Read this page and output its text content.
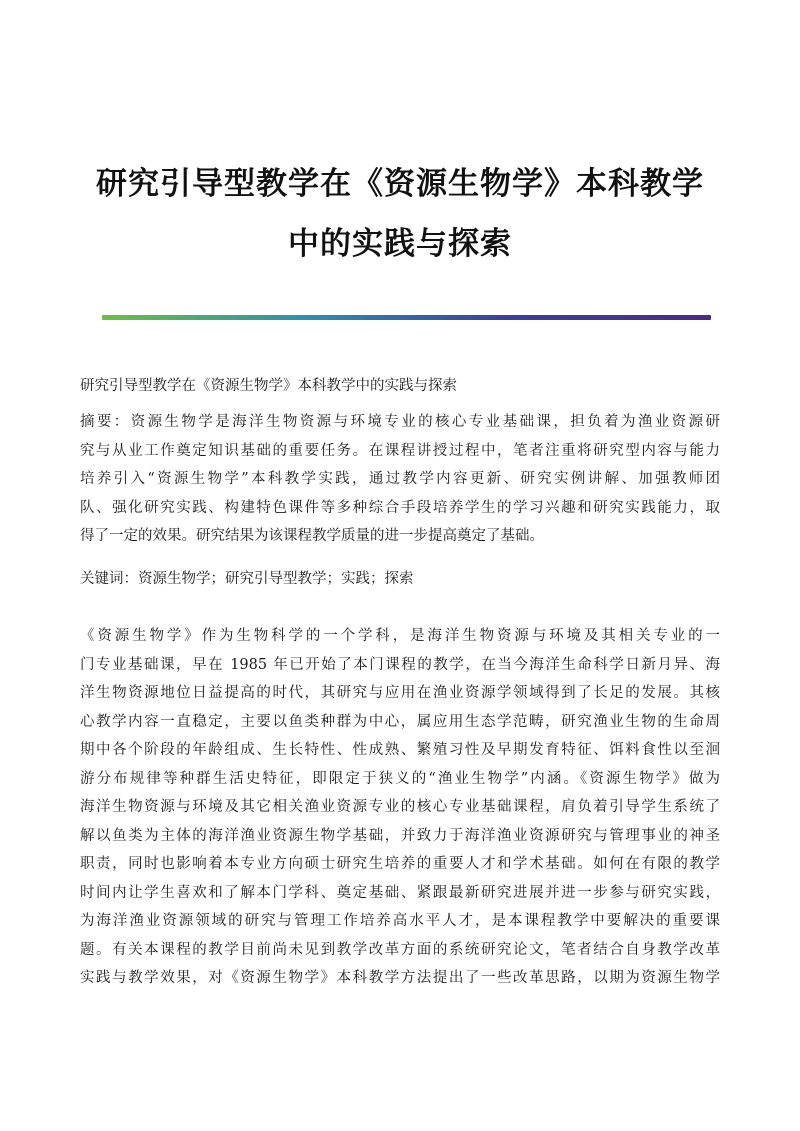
研究引导型教学在《资源生物学》本科教学
中的实践与探索
研究引导型教学在《资源生物学》本科教学中的实践与探索
摘要：资源生物学是海洋生物资源与环境专业的核心专业基础课，担负着为渔业资源研
究与从业工作奠定知识基础的重要任务。在课程讲授过程中，笔者注重将研究型内容与能力
培养引入“资源生物学”本科教学实践，通过教学内容更新、研究实例讲解、加强教师团
队、强化研究实践、构建特色课件等多种综合手段培养学生的学习兴趣和研究实践能力，取
得了一定的效果。研究结果为该课程教学质量的进一步提高奠定了基础。
关键词：资源生物学；研究引导型教学；实践；探索
《资源生物学》作为生物科学的一个学科，是海洋生物资源与环境及其相关专业的一
门专业基础课，早在 1985 年已开始了本门课程的教学，在当今海洋生命科学日新月异、海
洋生物资源地位日益提高的时代，其研究与应用在渔业资源学领域得到了长足的发展。其核
心教学内容一直稳定，主要以鱼类种群为中心，属应用生态学范畴，研究渔业生物的生命周
期中各个阶段的年龄组成、生长特性、性成熟、繁殖习性及早期发育特征、饵料食性以至洄
游分布规律等种群生活史特征，即限定于狭义的“渔业生物学”内涵。《资源生物学》做为
海洋生物资源与环境及其它相关渔业资源专业的核心专业基础课程，肩负着引导学生系统了
解以鱼类为主体的海洋渔业资源生物学基础，并致力于海洋渔业资源研究与管理事业的神圣
职责，同时也影响着本专业方向硕士研究生培养的重要人才和学术基础。如何在有限的教学
时间内让学生喜欢和了解本门学科、奠定基础、紧跟最新研究进展并进一步参与研究实践，
为海洋渔业资源领域的研究与管理工作培养高水平人才，是本课程教学中要解决的重要课
题。有关本课程的教学目前尚未见到教学改革方面的系统研究论文，笔者结合自身教学改革
实践与教学效果，对《资源生物学》本科教学方法提出了一些改革思路，以期为资源生物学
